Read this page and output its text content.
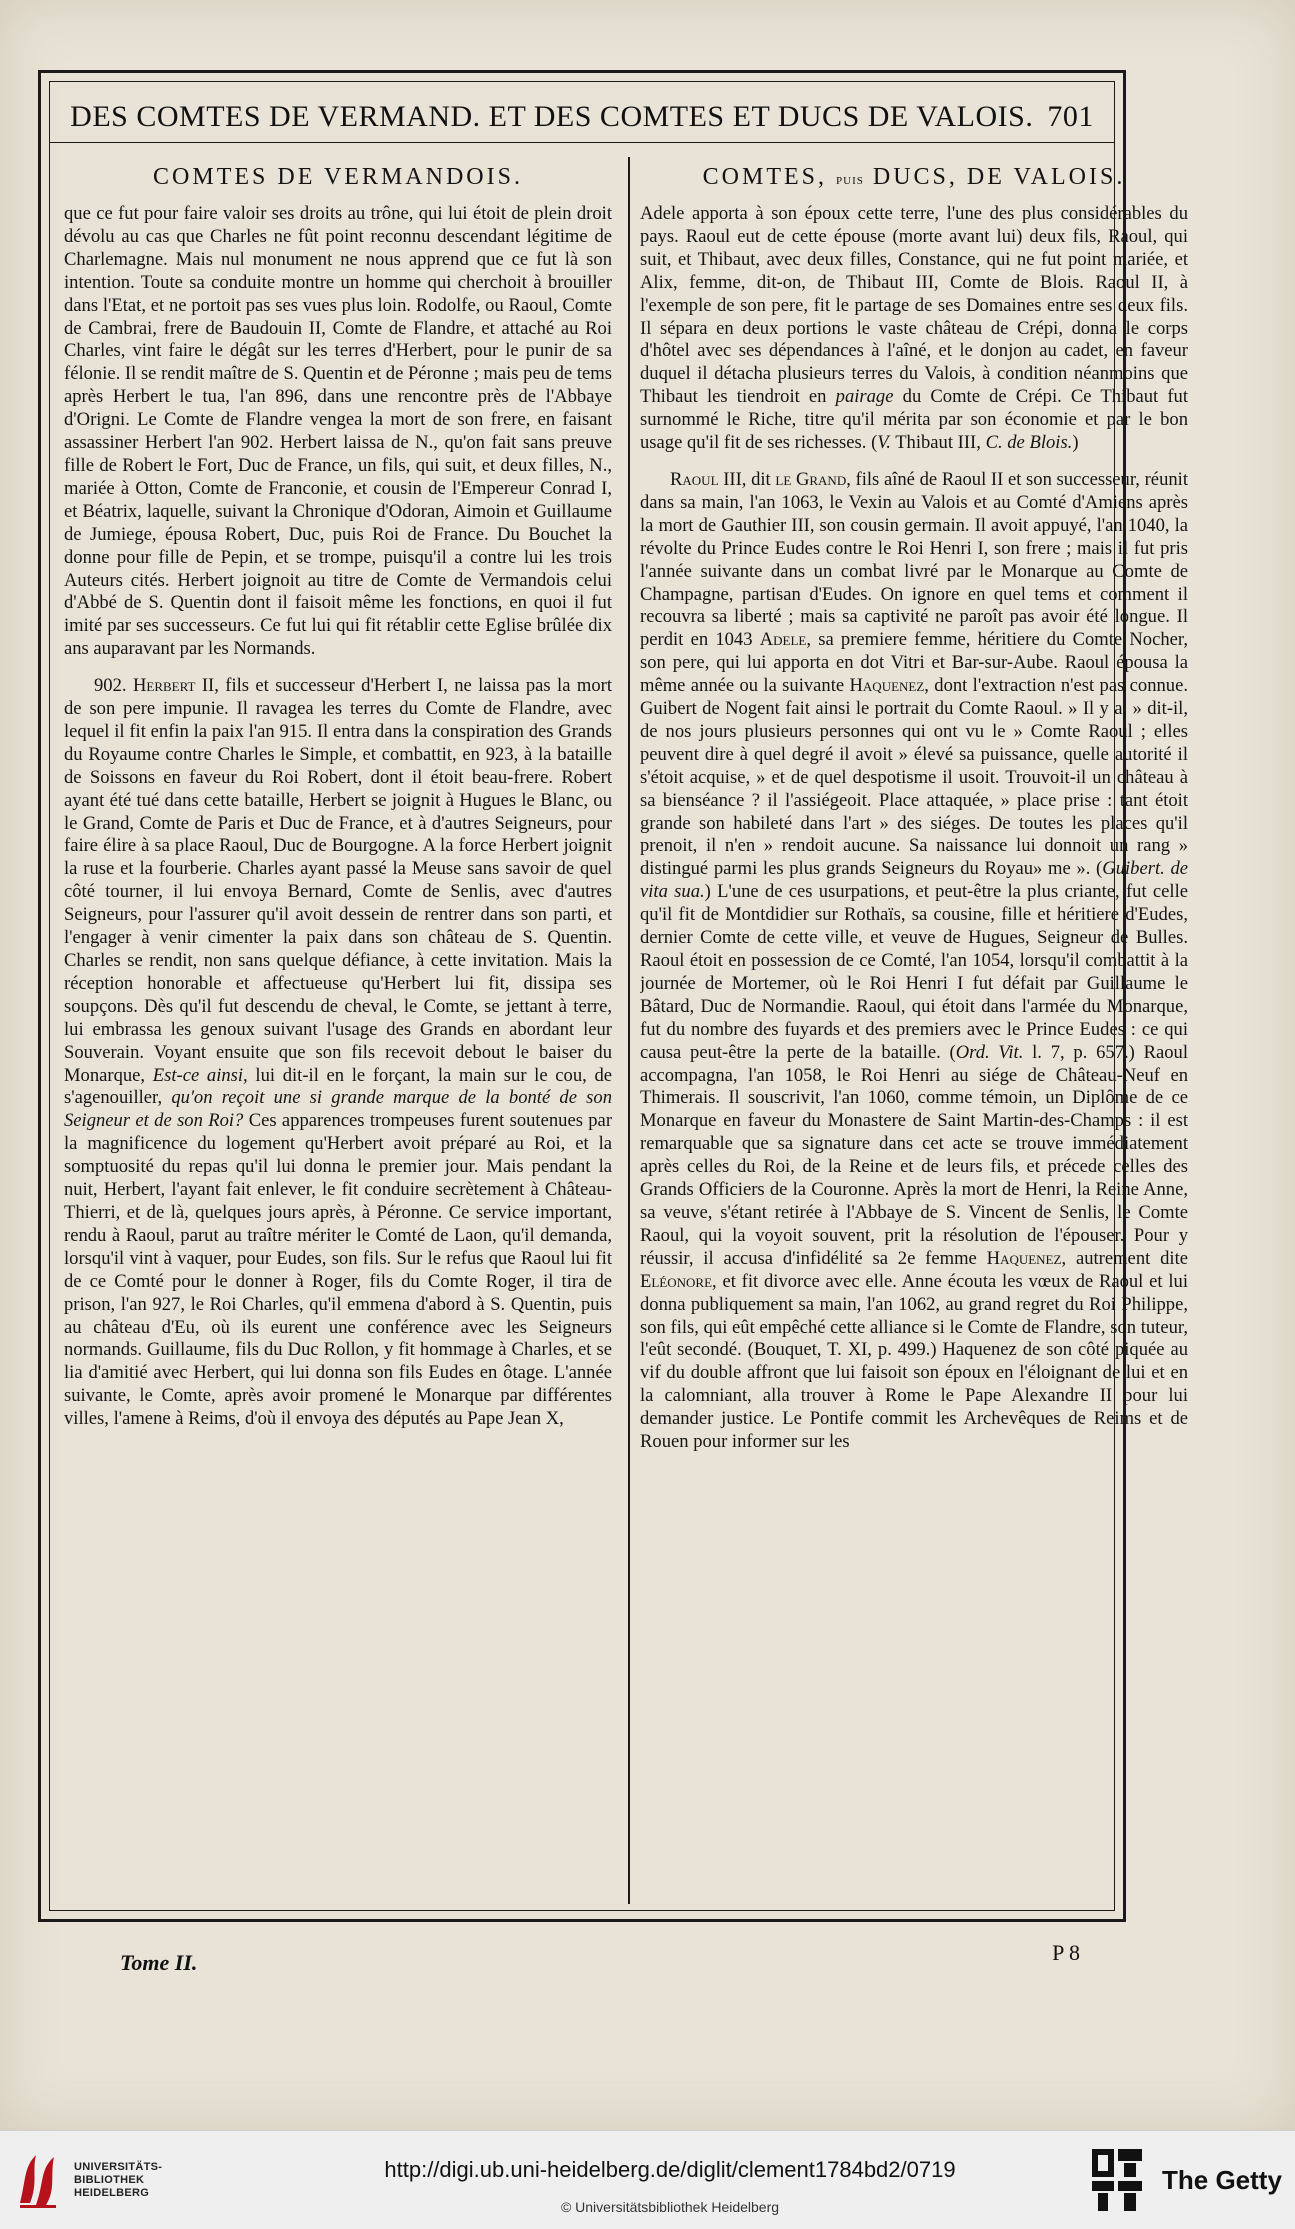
DES COMTES DE VERMAND. ET DES COMTES ET DUCS DE VALOIS. 701
COMTES DE VERMANDOIS.

que ce fut pour faire valoir ses droits au trône, qui lui étoit de plein droit dévolu au cas que Charles ne fût point reconnu descendant légitime de Charlemagne. Mais nul monument ne nous apprend que ce fut là son intention. Toute sa conduite montre un homme qui cherchoit à brouiller dans l'Etat, et ne portoit pas ses vues plus loin. Rodolfe, ou Raoul, Comte de Cambrai, frere de Baudouin II, Comte de Flandre, et attaché au Roi Charles, vint faire le dégât sur les terres d'Herbert, pour le punir de sa félonie. Il se rendit maître de S. Quentin et de Péronne ; mais peu de tems après Herbert le tua, l'an 896, dans une rencontre près de l'Abbaye d'Origni. Le Comte de Flandre vengea la mort de son frere, en faisant assassiner Herbert l'an 902. Herbert laissa de N., qu'on fait sans preuve fille de Robert le Fort, Duc de France, un fils, qui suit, et deux filles, N., mariée à Otton, Comte de Franconie, et cousin de l'Empereur Conrad I, et Béatrix, laquelle, suivant la Chronique d'Odoran, Aimoin et Guillaume de Jumiege, épousa Robert, Duc, puis Roi de France. Du Bouchet la donne pour fille de Pepin, et se trompe, puisqu'il a contre lui les trois Auteurs cités. Herbert joignoit au titre de Comte de Vermandois celui d'Abbé de S. Quentin dont il faisoit même les fonctions, en quoi il fut imité par ses successeurs. Ce fut lui qui fit rétablir cette Eglise brûlée dix ans auparavant par les Normands.

902. Herbert II, fils et successeur d'Herbert I, ne laissa pas la mort de son pere impunie. Il ravagea les terres du Comte de Flandre, avec lequel il fit enfin la paix l'an 915. Il entra dans la conspiration des Grands du Royaume contre Charles le Simple, et combattit, en 923, à la bataille de Soissons en faveur du Roi Robert, dont il étoit beau-frere. Robert ayant été tué dans cette bataille, Herbert se joignit à Hugues le Blanc, ou le Grand, Comte de Paris et Duc de France, et à d'autres Seigneurs, pour faire élire à sa place Raoul, Duc de Bourgogne. A la force Herbert joignit la ruse et la fourberie. Charles ayant passé la Meuse sans savoir de quel côté tourner, il lui envoya Bernard, Comte de Senlis, avec d'autres Seigneurs, pour l'assurer qu'il avoit dessein de rentrer dans son parti, et l'engager à venir cimenter la paix dans son château de S. Quentin. Charles se rendit, non sans quelque défiance, à cette invitation. Mais la réception honorable et affectueuse qu'Herbert lui fit, dissipa ses soupçons. Dès qu'il fut descendu de cheval, le Comte, se jettant à terre, lui embrassa les genoux suivant l'usage des Grands en abordant leur Souverain. Voyant ensuite que son fils recevoit debout le baiser du Monarque, Est-ce ainsi, lui dit-il en le forçant, la main sur le cou, de s'agenouiller, qu'on reçoit une si grande marque de la bonté de son Seigneur et de son Roi? Ces apparences trompeuses furent soutenues par la magnificence du logement qu'Herbert avoit préparé au Roi, et la somptuosité du repas qu'il lui donna le premier jour. Mais pendant la nuit, Herbert, l'ayant fait enlever, le fit conduire secrètement à Château-Thierri, et de là, quelques jours après, à Péronne. Ce service important, rendu à Raoul, parut au traître mériter le Comté de Laon, qu'il demanda, lorsqu'il vint à vaquer, pour Eudes, son fils. Sur le refus que Raoul lui fit de ce Comté pour le donner à Roger, fils du Comte Roger, il tira de prison, l'an 927, le Roi Charles, qu'il emmena d'abord à S. Quentin, puis au château d'Eu, où ils eurent une conférence avec les Seigneurs normands. Guillaume, fils du Duc Rollon, y fit hommage à Charles, et se lia d'amitié avec Herbert, qui lui donna son fils Eudes en ôtage. L'année suivante, le Comte, après avoir promené le Monarque par différentes villes, l'amene à Reims, d'où il envoya des députés au Pape Jean X,

COMTES, puis DUCS, DE VALOIS.

Adele apporta à son époux cette terre, l'une des plus considérables du pays. Raoul eut de cette épouse (morte avant lui) deux fils, Raoul, qui suit, et Thibaut, avec deux filles, Constance, qui ne fut point mariée, et Alix, femme, dit-on, de Thibaut III, Comte de Blois. Raoul II, à l'exemple de son pere, fit le partage de ses Domaines entre ses deux fils. Il sépara en deux portions le vaste château de Crépi, donna le corps d'hôtel avec ses dépendances à l'aîné, et le donjon au cadet, en faveur duquel il détacha plusieurs terres du Valois, à condition néanmoins que Thibaut les tiendroit en pairage du Comte de Crépi. Ce Thibaut fut surnommé le Riche, titre qu'il mérita par son économie et par le bon usage qu'il fit de ses richesses. (V. Thibaut III, C. de Blois.)

Raoul III, dit le Grand, fils aîné de Raoul II et son successeur, réunit dans sa main, l'an 1063, le Vexin au Valois et au Comté d'Amiens après la mort de Gauthier III, son cousin germain. Il avoit appuyé, l'an 1040, la révolte du Prince Eudes contre le Roi Henri I, son frere ; mais il fut pris l'année suivante dans un combat livré par le Monarque au Comte de Champagne, partisan d'Eudes. On ignore en quel tems et comment il recouvra sa liberté ; mais sa captivité ne paroît pas avoir été longue. Il perdit en 1043 Adele, sa premiere femme, héritiere du Comte Nocher, son pere, qui lui apporta en dot Vitri et Bar-sur-Aube. Raoul épousa la même année ou la suivante Haquenez, dont l'extraction n'est pas connue. Guibert de Nogent fait ainsi le portrait du Comte Raoul. » Il y a, » dit-il, de nos jours plusieurs personnes qui ont vu le » Comte Raoul ; elles peuvent dire à quel degré il avoit » élevé sa puissance, quelle autorité il s'étoit acquise, » et de quel despotisme il usoit. Trouvoit-il un château à sa bienséance ? il l'assiégeoit. Place attaquée, » place prise : tant étoit grande son habileté dans l'art » des siéges. De toutes les places qu'il prenoit, il n'en » rendoit aucune. Sa naissance lui donnoit un rang » distingué parmi les plus grands Seigneurs du Royau» me ». (Guibert. de vita sua.) L'une de ces usurpations, et peut-être la plus criante, fut celle qu'il fit de Montdidier sur Rothaïs, sa cousine, fille et héritiere d'Eudes, dernier Comte de cette ville, et veuve de Hugues, Seigneur de Bulles. Raoul étoit en possession de ce Comté, l'an 1054, lorsqu'il combattit à la journée de Mortemer, où le Roi Henri I fut défait par Guillaume le Bâtard, Duc de Normandie. Raoul, qui étoit dans l'armée du Monarque, fut du nombre des fuyards et des premiers avec le Prince Eudes : ce qui causa peut-être la perte de la bataille. (Ord. Vit. l. 7, p. 657.) Raoul accompagna, l'an 1058, le Roi Henri au siége de Château-Neuf en Thimerais. Il souscrivit, l'an 1060, comme témoin, un Diplôme de ce Monarque en faveur du Monastere de Saint Martin-des-Champs : il est remarquable que sa signature dans cet acte se trouve immédiatement après celles du Roi, de la Reine et de leurs fils, et précede celles des Grands Officiers de la Couronne. Après la mort de Henri, la Reine Anne, sa veuve, s'étant retirée à l'Abbaye de S. Vincent de Senlis, le Comte Raoul, qui la voyoit souvent, prit la résolution de l'épouser. Pour y réussir, il accusa d'infidélité sa 2e femme Haquenez, autrement dite Eléonore, et fit divorce avec elle. Anne écouta les vœux de Raoul et lui donna publiquement sa main, l'an 1062, au grand regret du Roi Philippe, son fils, qui eût empêché cette alliance si le Comte de Flandre, son tuteur, l'eût secondé. (Bouquet, T. XI, p. 499.) Haquenez de son côté piquée au vif du double affront que lui faisoit son époux en l'éloignant de lui et en la calomniant, alla trouver à Rome le Pape Alexandre II pour lui demander justice. Le Pontife commit les Archevêques de Reims et de Rouen pour informer sur les

Tome II.	P 8
UNIVERSITÄTS-
BIBLIOTHEK
HEIDELBERG
http://digi.ub.uni-heidelberg.de/diglit/clement1784bd2/0719
© Universitätsbibliothek Heidelberg
The Getty
